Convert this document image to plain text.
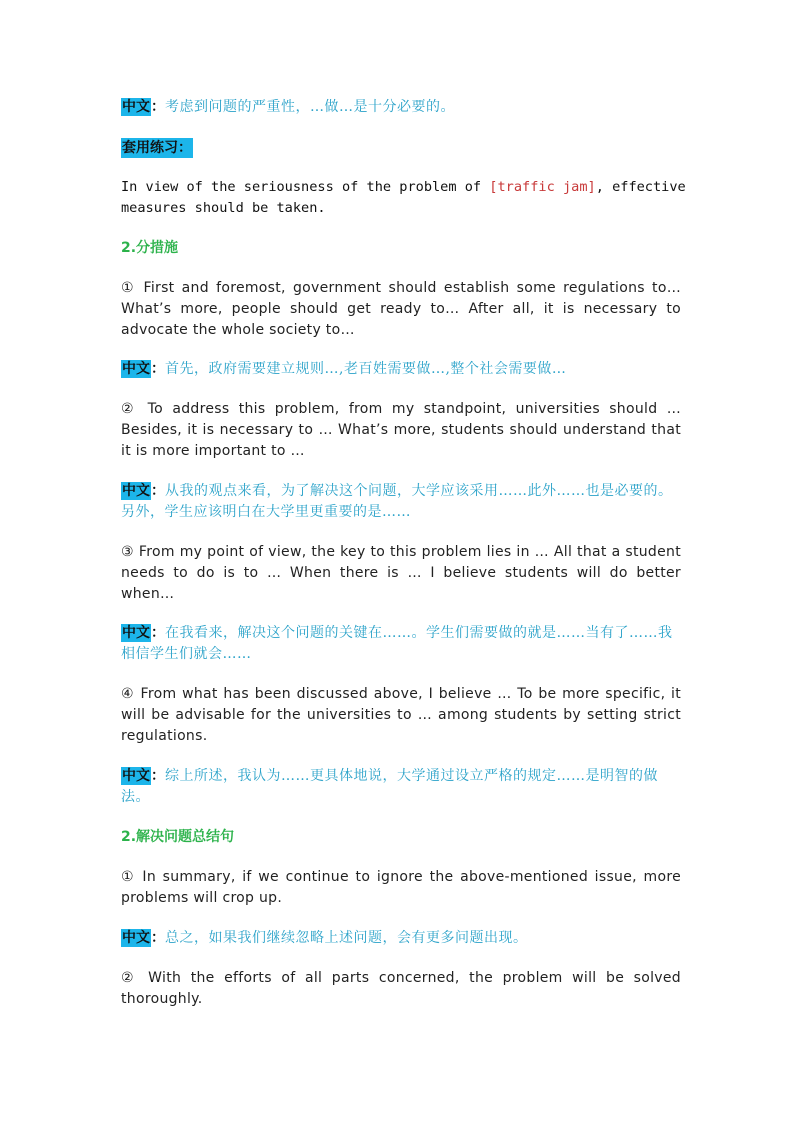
中文：考虑到问题的严重性，…做…是十分必要的。
套用练习：
In view of the seriousness of the problem of [traffic jam], effective measures should be taken.
2.分措施
① First and foremost, government should establish some regulations to… What’s more, people should get ready to… After all, it is necessary to advocate the whole society to…
中文：首先，政府需要建立规则…,老百姓需要做…,整个社会需要做…
② To address this problem, from my standpoint, universities should … Besides, it is necessary to … What’s more, students should understand that it is more important to …
中文：从我的观点来看，为了解决这个问题，大学应该采用……此外……也是必要的。另外，学生应该明白在大学里更重要的是……
③ From my point of view, the key to this problem lies in … All that a student needs to do is to … When there is … I believe students will do better when…
中文：在我看来，解决这个问题的关键在……。学生们需要做的就是……当有了……我相信学生们就会……
④ From what has been discussed above, I believe … To be more specific, it will be advisable for the universities to … among students by setting strict regulations.
中文：综上所述，我认为……更具体地说，大学通过设立严格的规定……是明智的做法。
2.解决问题总结句
① In summary, if we continue to ignore the above-mentioned issue, more problems will crop up.
中文：总之，如果我们继续忽略上述问题，会有更多问题出现。
② With the efforts of all parts concerned, the problem will be solved thoroughly.
